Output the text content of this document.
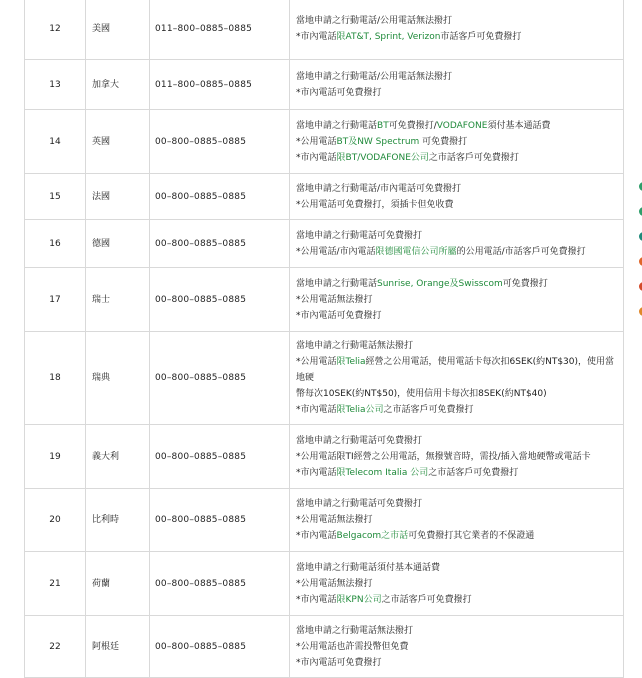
12	美國	011–800–0885–0885	當地申請之行動電話/公用電話無法撥打
*市內電話限AT&T, Sprint, Verizon市話客戶可免費撥打

13	加拿大	011–800–0885–0885	當地申請之行動電話/公用電話無法撥打
*市內電話可免費撥打

14	英國	00–800–0885–0885	當地申請之行動電話BT可免費撥打/VODAFONE須付基本通話費
*公用電話BT及NW Spectrum 可免費撥打
*市內電話限BT/VODAFONE公司之市話客戶可免費撥打

15	法國	00–800–0885–0885	當地申請之行動電話/市內電話可免費撥打
*公用電話可免費撥打，須插卡但免收費

16	德國	00–800–0885–0885	當地申請之行動電話可免費撥打
*公用電話/市內電話限德國電信公司所屬的公用電話/市話客戶可免費撥打

17	瑞士	00–800–0885–0885	當地申請之行動電話Sunrise, Orange及Swisscom可免費撥打
*公用電話無法撥打
*市內電話可免費撥打

18	瑞典	00–800–0885–0885	當地申請之行動電話無法撥打
*公用電話限Telia經營之公用電話，使用電話卡每次扣6SEK(約NT$30)，使用當地硬
幣每次10SEK(約NT$50)，使用信用卡每次扣8SEK(約NT$40)
*市內電話限Telia公司之市話客戶可免費撥打

19	義大利	00–800–0885–0885	當地申請之行動電話可免費撥打
*公用電話限TI經營之公用電話，無撥號音時，需投/插入當地硬幣或電話卡
*市內電話限Telecom Italia 公司之市話客戶可免費撥打

20	比利時	00–800–0885–0885	當地申請之行動電話可免費撥打
*公用電話無法撥打
*市內電話Belgacom之市話可免費撥打其它業者的不保證通

21	荷蘭	00–800–0885–0885	當地申請之行動電話須付基本通話費
*公用電話無法撥打
*市內電話限KPN公司之市話客戶可免費撥打

22	阿根廷	00–800–0885–0885	當地申請之行動電話無法撥打
*公用電話也許需投幣但免費
*市內電話可免費撥打
